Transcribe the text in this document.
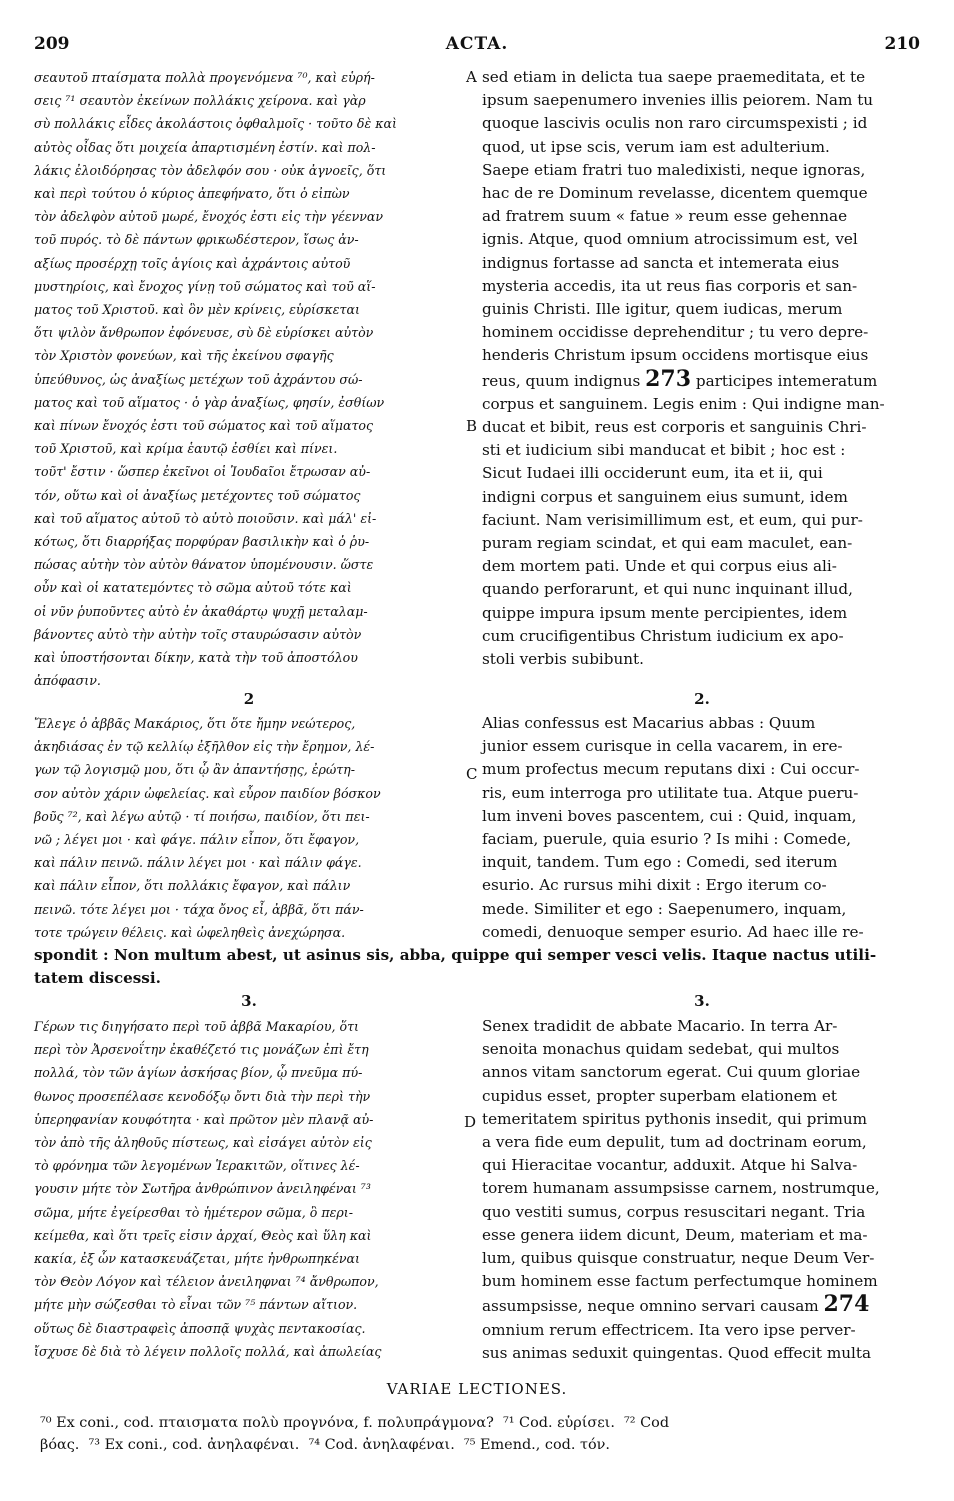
209	ACTA.	210
A
B
C
D
σεαυτοῦ πταίσματα πολλὰ προγενόμενα ⁷⁰, καὶ εὑρή-
σεις ⁷¹ σεαυτὸν ἐκείνων πολλάκις χείρονα. καὶ γὰρ
σὺ πολλάκις εἶδες ἀκολάστοις ὀφθαλμοῖς · τοῦτο δὲ καὶ
αὐτὸς οἶδας ὅτι μοιχεία ἀπαρτισμένη ἐστίν. καὶ πολ-
λάκις ἐλοιδόρησας τὸν ἀδελφόν σου · οὐκ ἀγνοεῖς, ὅτι
καὶ περὶ τούτου ὁ κύριος ἀπεφήνατο, ὅτι ὁ εἰπὼν
τὸν ἀδελφὸν αὐτοῦ μωρέ, ἔνοχός ἐστι εἰς τὴν γέενναν
τοῦ πυρός. τὸ δὲ πάντων φρικωδέστερον, ἴσως ἀν-
αξίως προσέρχῃ τοῖς ἁγίοις καὶ ἀχράντοις αὐτοῦ
μυστηρίοις, καὶ ἔνοχος γίνῃ τοῦ σώματος καὶ τοῦ αἵ-
ματος τοῦ Χριστοῦ. καὶ ὃν μὲν κρίνεις, εὑρίσκεται
ὅτι ψιλὸν ἄνθρωπον ἐφόνευσε, σὺ δὲ εὑρίσκει αὐτὸν
τὸν Χριστὸν φονεύων, καὶ τῆς ἐκείνου σφαγῆς
ὑπεύθυνος, ὡς ἀναξίως μετέχων τοῦ ἀχράντου σώ-
ματος καὶ τοῦ αἵματος · ὁ γὰρ ἀναξίως, φησίν, ἐσθίων
καὶ πίνων ἔνοχός ἐστι τοῦ σώματος καὶ τοῦ αἵματος
τοῦ Χριστοῦ, καὶ κρίμα ἑαυτῷ ἐσθίει καὶ πίνει.
τοῦτ' ἔστιν · ὥσπερ ἐκεῖνοι οἱ Ἰουδαῖοι ἔτρωσαν αὐ-
τόν, οὕτω καὶ οἱ ἀναξίως μετέχοντες τοῦ σώματος
καὶ τοῦ αἵματος αὐτοῦ τὸ αὐτὸ ποιοῦσιν. καὶ μάλ' εἰ-
κότως, ὅτι διαρρήξας πορφύραν βασιλικὴν καὶ ὁ ῥυ-
πώσας αὐτὴν τὸν αὐτὸν θάνατον ὑπομένουσιν. ὥστε
οὖν καὶ οἱ κατατεμόντες τὸ σῶμα αὐτοῦ τότε καὶ
οἱ νῦν ῥυποῦντες αὐτὸ ἐν ἀκαθάρτῳ ψυχῇ μεταλαμ-
βάνοντες αὐτὸ τὴν αὐτὴν τοῖς σταυρώσασιν αὐτὸν
καὶ ὑποστήσονται δίκην, κατὰ τὴν τοῦ ἀποστόλου
ἀπόφασιν.
sed etiam in delicta tua saepe praemeditata, et te
ipsum saepenumero invenies illis peiorem. Nam tu
quoque lascivis oculis non raro circumspexisti ; id
quod, ut ipse scis, verum iam est adulterium.
Saepe etiam fratri tuo maledixisti, neque ignoras,
hac de re Dominum revelasse, dicentem quemque
ad fratrem suum « fatue » reum esse gehennae
ignis. Atque, quod omnium atrocissimum est, vel
indignus fortasse ad sancta et intemerata eius
mysteria accedis, ita ut reus fias corporis et san-
guinis Christi. Ille igitur, quem iudicas, merum
hominem occidisse deprehenditur ; tu vero depre-
henderis Christum ipsum occidens mortisque eius
reus, quum indignus 273 participes intemeratum
corpus et sanguinem. Legis enim : Qui indigne man-
ducat et bibit, reus est corporis et sanguinis Chri-
sti et iudicium sibi manducat et bibit ; hoc est :
Sicut Iudaei illi occiderunt eum, ita et ii, qui
indigni corpus et sanguinem eius sumunt, idem
faciunt. Nam verisimillimum est, et eum, qui pur-
puram regiam scindat, et qui eam maculet, ean-
dem mortem pati. Unde et qui corpus eius ali-
quando perforarunt, et qui nunc inquinant illud,
quippe impura ipsum mente percipientes, idem
cum crucifigentibus Christum iudicium ex apo-
stoli verbis subibunt.
2	2.
Ἔλεγε ὁ ἀββᾶς Μακάριος, ὅτι ὅτε ἤμην νεώτερος,
ἀκηδιάσας ἐν τῷ κελλίῳ ἐξῆλθον εἰς τὴν ἔρημον, λέ-
γων τῷ λογισμῷ μου, ὅτι ᾧ ἂν ἀπαντήσῃς, ἐρώτη-
σον αὐτὸν χάριν ὠφελείας. καὶ εὗρον παιδίον βόσκον
βοῦς ⁷², καὶ λέγω αὐτῷ · τί ποιήσω, παιδίον, ὅτι πει-
νῶ ; λέγει μοι · καὶ φάγε. πάλιν εἶπον, ὅτι ἔφαγον,
καὶ πάλιν πεινῶ. πάλιν λέγει μοι · καὶ πάλιν φάγε.
καὶ πάλιν εἶπον, ὅτι πολλάκις ἔφαγον, καὶ πάλιν
πεινῶ. τότε λέγει μοι · τάχα ὄνος εἶ, ἀββᾶ, ὅτι πάν-
τοτε τρώγειν θέλεις. καὶ ὠφεληθεὶς ἀνεχώρησα.
Alias confessus est Macarius abbas : Quum
junior essem curisque in cella vacarem, in ere-
mum profectus mecum reputans dixi : Cui occur-
ris, eum interroga pro utilitate tua. Atque pueru-
lum inveni boves pascentem, cui : Quid, inquam,
faciam, puerule, quia esurio ? Is mihi : Comede,
inquit, tandem. Tum ego : Comedi, sed iterum
esurio. Ac rursus mihi dixit : Ergo iterum co-
mede. Similiter et ego : Saepenumero, inquam,
comedi, denuoque semper esurio. Ad haec ille re-
spondit : Non multum abest, ut asinus sis, abba, quippe qui semper vesci velis. Itaque nactus utili-
tatem discessi.
3.	3.
Γέρων τις διηγήσατο περὶ τοῦ ἀββᾶ Μακαρίου, ὅτι
περὶ τὸν Ἀρσενοΐτην ἐκαθέζετό τις μονάζων ἐπὶ ἔτη
πολλά, τὸν τῶν ἁγίων ἀσκήσας βίον, ᾧ πνεῦμα πύ-
θωνος προσεπέλασε κενοδόξῳ ὄντι διὰ τὴν περὶ τὴν
ὑπερηφανίαν κουφότητα · καὶ πρῶτον μὲν πλανᾷ αὐ-
τὸν ἀπὸ τῆς ἀληθοῦς πίστεως, καὶ εἰσάγει αὐτὸν εἰς
τὸ φρόνημα τῶν λεγομένων Ἱερακιτῶν, οἵτινες λέ-
γουσιν μήτε τὸν Σωτῆρα ἀνθρώπινον ἀνειληφέναι ⁷³
σῶμα, μήτε ἐγείρεσθαι τὸ ἡμέτερον σῶμα, ὃ περι-
κείμεθα, καὶ ὅτι τρεῖς εἰσιν ἀρχαί, Θεὸς καὶ ὕλη καὶ
κακία, ἐξ ὧν κατασκευάζεται, μήτε ἠνθρωπηκέναι
τὸν Θεὸν Λόγον καὶ τέλειον ἀνειληφναι ⁷⁴ ἄνθρωπον,
μήτε μὴν σώζεσθαι τὸ εἶναι τῶν ⁷⁵ πάντων αἴτιον.
οὕτως δὲ διαστραφεὶς ἀποσπᾷ ψυχὰς πεντακοσίας.
ἴσχυσε δὲ διὰ τὸ λέγειν πολλοῖς πολλά, καὶ ἀπωλείας
Senex tradidit de abbate Macario. In terra Ar-
senoita monachus quidam sedebat, qui multos
annos vitam sanctorum egerat. Cui quum gloriae
cupidus esset, propter superbam elationem et
temeritatem spiritus pythonis insedit, qui primum
a vera fide eum depulit, tum ad doctrinam eorum,
qui Hieracitae vocantur, adduxit. Atque hi Salva-
torem humanam assumpsisse carnem, nostrumque,
quo vestiti sumus, corpus resuscitari negant. Tria
esse genera iidem dicunt, Deum, materiam et ma-
lum, quibus quisque construatur, neque Deum Ver-
bum hominem esse factum perfectumque hominem
assumpsisse, neque omnino servari causam 274
omnium rerum effectricem. Ita vero ipse perver-
sus animas seduxit quingentas. Quod effecit multa
VARIAE LECTIONES.
⁷⁰ Ex coni., cod. πταισματα πολὺ προγνόνα, f. πολυπράγμονα?  ⁷¹ Cod. εὑρίσει.  ⁷² Cod
βόας.  ⁷³ Ex coni., cod. ἀνηλαφέναι.  ⁷⁴ Cod. ἀνηλαφέναι.  ⁷⁵ Emend., cod. τόν.
